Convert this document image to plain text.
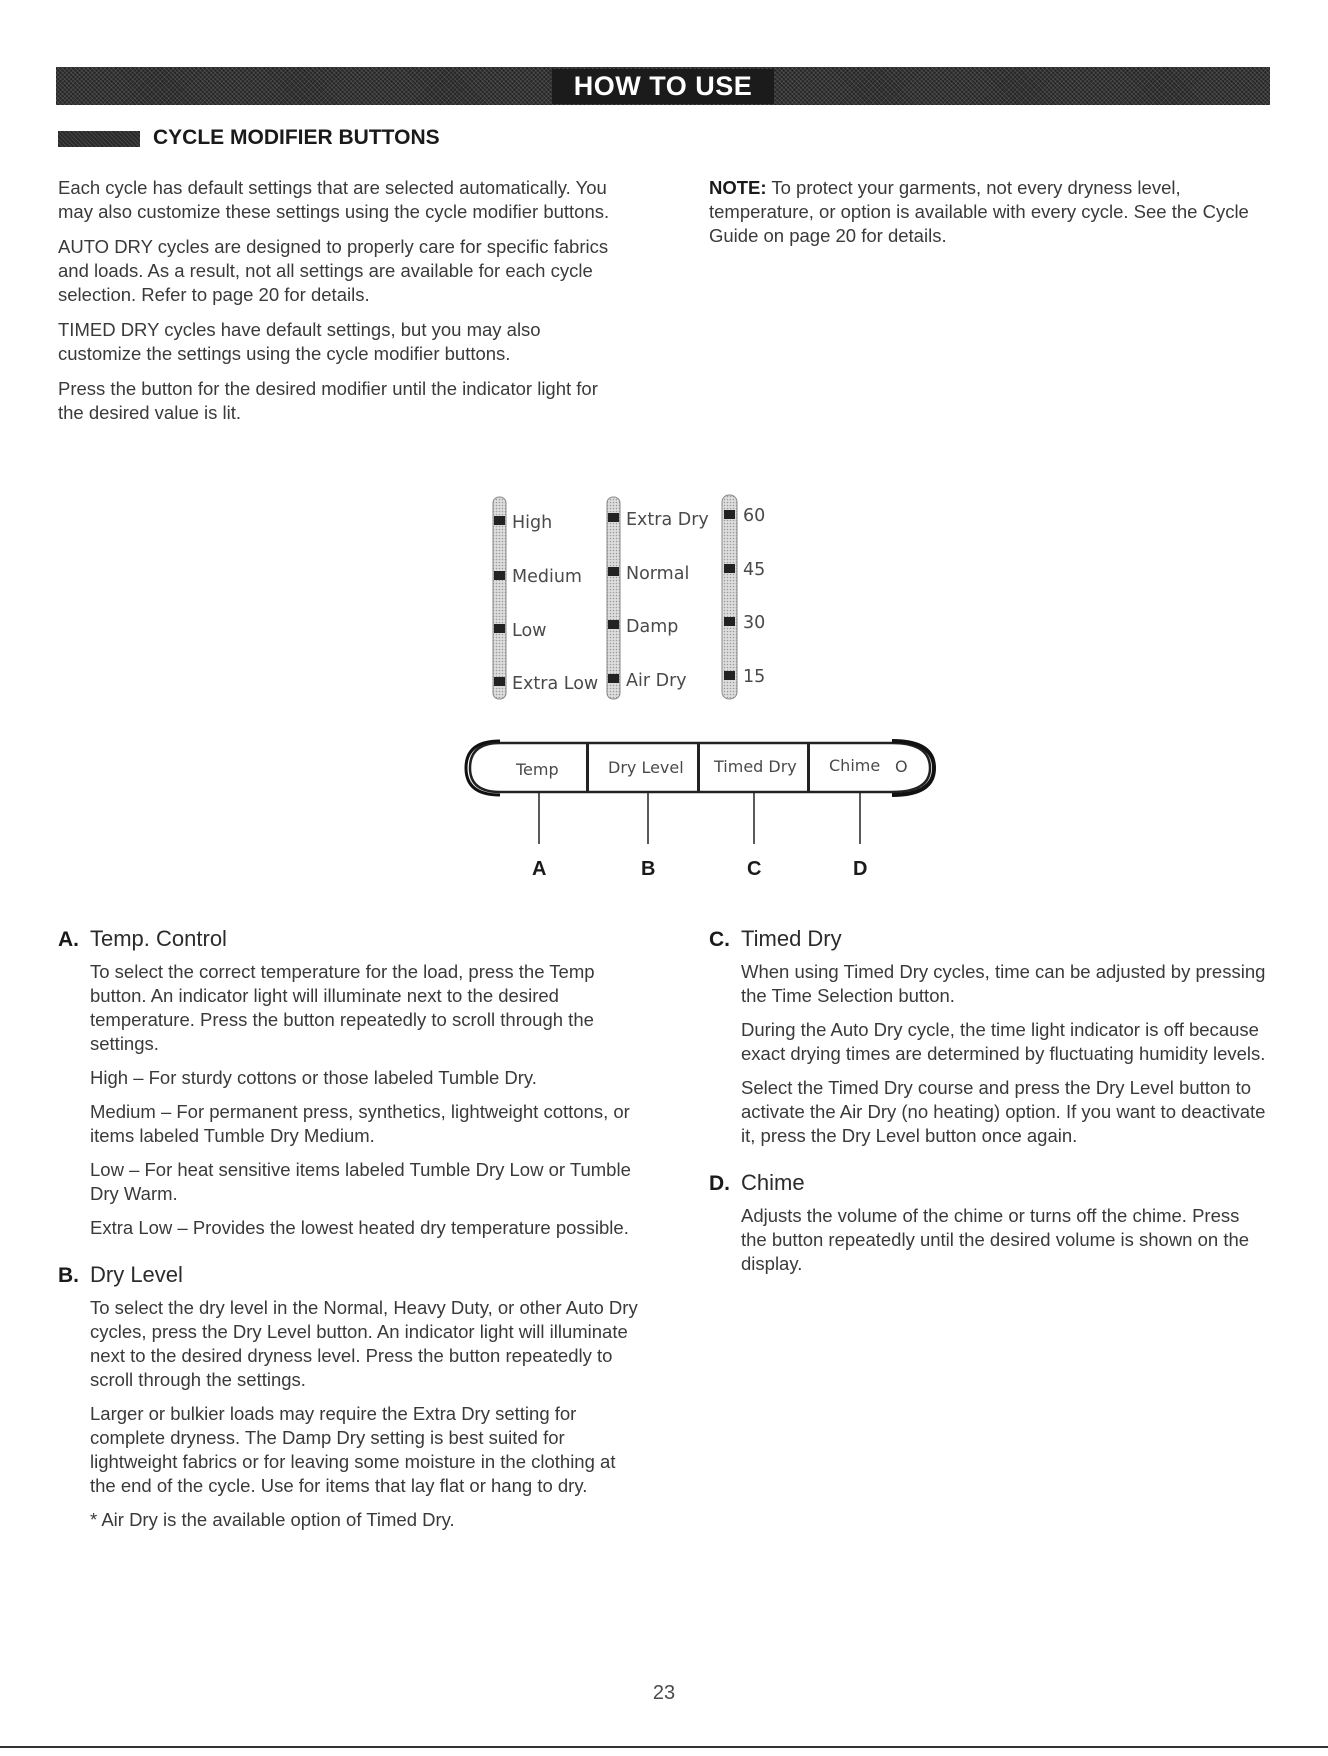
HOW TO USE
CYCLE MODIFIER BUTTONS

Each cycle has default settings that are selected automatically. You may also customize these settings using the cycle modifier buttons.

AUTO DRY cycles are designed to properly care for specific fabrics and loads. As a result, not all settings are available for each cycle selection. Refer to page 20 for details.

TIMED DRY cycles have default settings, but you may also customize the settings using the cycle modifier buttons.

Press the button for the desired modifier until the indicator light for the desired value is lit.

NOTE: To protect your garments, not every dryness level, temperature, or option is available with every cycle. See the Cycle Guide on page 20 for details.

High
Medium
Low
Extra Low
Extra Dry
Normal
Damp
Air Dry
60
45
30
15
Temp	Dry Level Timed Dry Chime O
A	B	C	D
A. Temp. Control

To select the correct temperature for the load, press the Temp button. An indicator light will illuminate next to the desired temperature. Press the button repeatedly to scroll through the settings.

High – For sturdy cottons or those labeled Tumble Dry.

Medium – For permanent press, synthetics, lightweight cottons, or items labeled Tumble Dry Medium.

Low – For heat sensitive items labeled Tumble Dry Low or Tumble Dry Warm.

Extra Low – Provides the lowest heated dry temperature possible.

B. Dry Level

To select the dry level in the Normal, Heavy Duty, or other Auto Dry cycles, press the Dry Level button. An indicator light will illuminate next to the desired dryness level. Press the button repeatedly to scroll through the settings.

Larger or bulkier loads may require the Extra Dry setting for complete dryness. The Damp Dry setting is best suited for lightweight fabrics or for leaving some moisture in the clothing at the end of the cycle. Use for items that lay flat or hang to dry.

* Air Dry is the available option of Timed Dry.

C. Timed Dry

When using Timed Dry cycles, time can be adjusted by pressing the Time Selection button.

During the Auto Dry cycle, the time light indicator is off because exact drying times are determined by fluctuating humidity levels.

Select the Timed Dry course and press the Dry Level button to activate the Air Dry (no heating) option. If you want to deactivate it, press the Dry Level button once again.

D. Chime

Adjusts the volume of the chime or turns off the chime. Press the button repeatedly until the desired volume is shown on the display.

23
